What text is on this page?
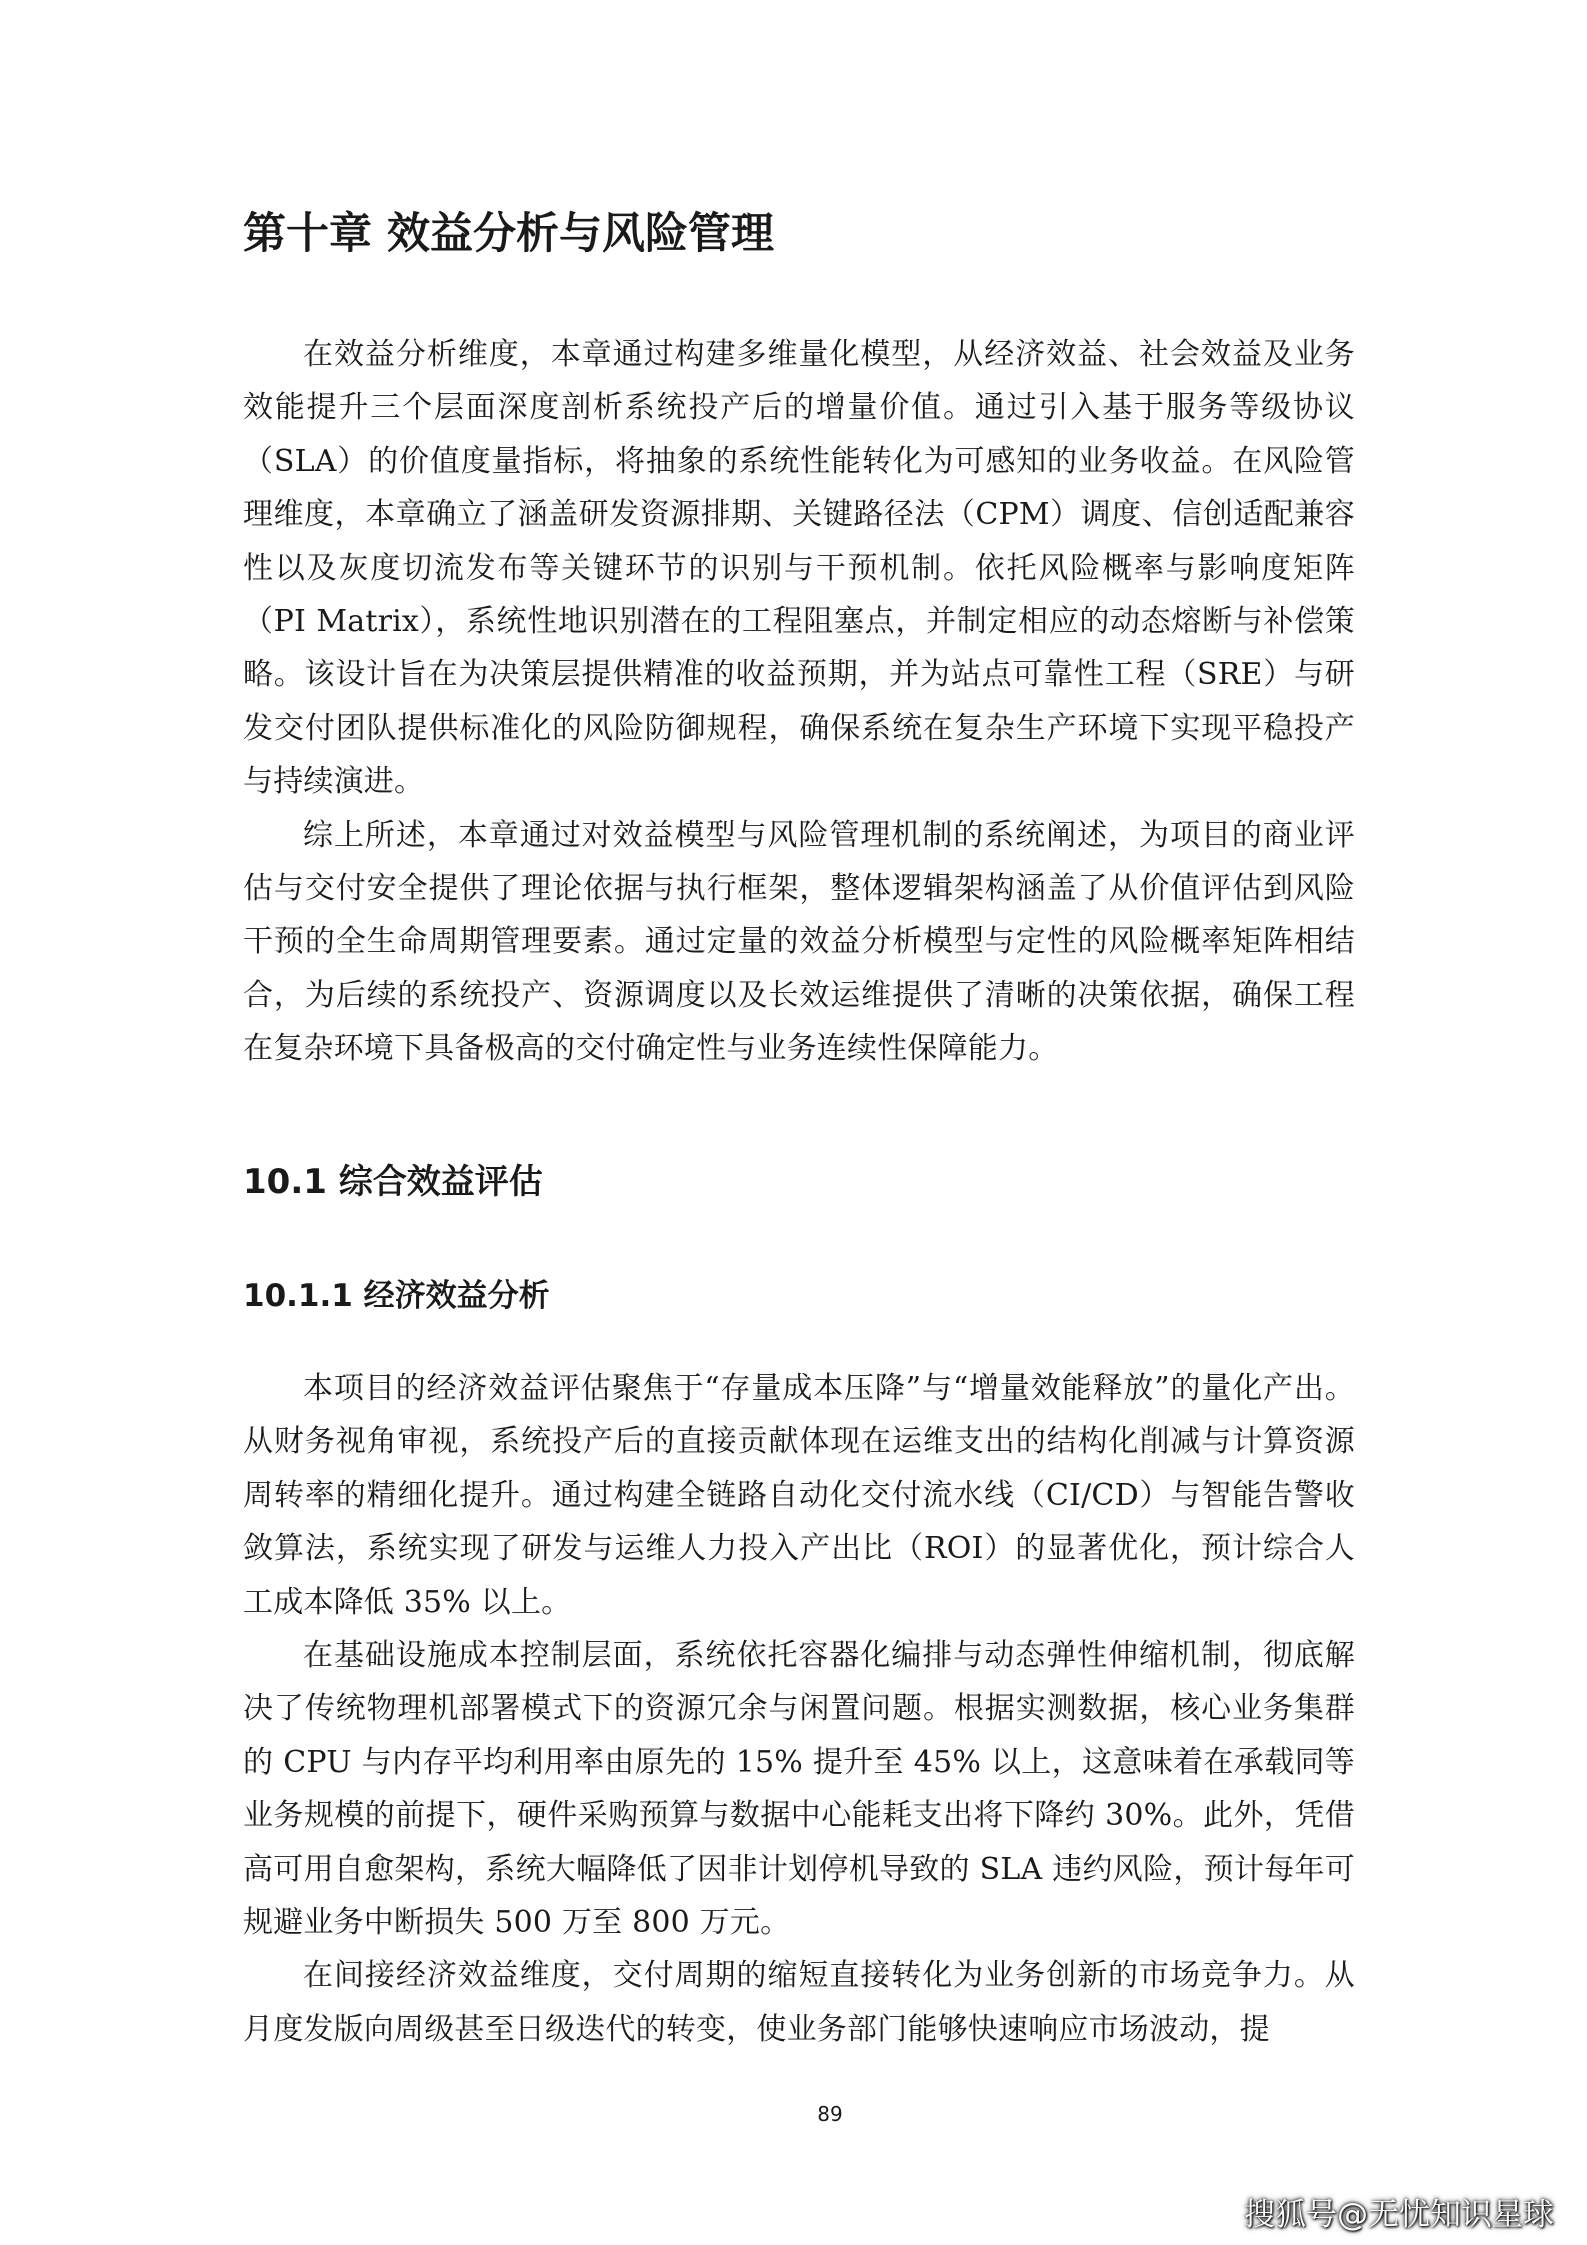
第十章 效益分析与风险管理

在效益分析维度，本章通过构建多维量化模型，从经济效益、社会效益及业务效能提升三个层面深度剖析系统投产后的增量价值。通过引入基于服务等级协议（SLA）的价值度量指标，将抽象的系统性能转化为可感知的业务收益。在风险管理维度，本章确立了涵盖研发资源排期、关键路径法（CPM）调度、信创适配兼容性以及灰度切流发布等关键环节的识别与干预机制。依托风险概率与影响度矩阵（PI Matrix），系统性地识别潜在的工程阻塞点，并制定相应的动态熔断与补偿策略。该设计旨在为决策层提供精准的收益预期，并为站点可靠性工程（SRE）与研发交付团队提供标准化的风险防御规程，确保系统在复杂生产环境下实现平稳投产与持续演进。

综上所述，本章通过对效益模型与风险管理机制的系统阐述，为项目的商业评估与交付安全提供了理论依据与执行框架，整体逻辑架构涵盖了从价值评估到风险干预的全生命周期管理要素。通过定量的效益分析模型与定性的风险概率矩阵相结合，为后续的系统投产、资源调度以及长效运维提供了清晰的决策依据，确保工程在复杂环境下具备极高的交付确定性与业务连续性保障能力。

10.1 综合效益评估
10.1.1 经济效益分析

本项目的经济效益评估聚焦于“存量成本压降”与“增量效能释放”的量化产出。从财务视角审视，系统投产后的直接贡献体现在运维支出的结构化削减与计算资源周转率的精细化提升。通过构建全链路自动化交付流水线（CI/CD）与智能告警收敛算法，系统实现了研发与运维人力投入产出比（ROI）的显著优化，预计综合人工成本降低 35% 以上。

在基础设施成本控制层面，系统依托容器化编排与动态弹性伸缩机制，彻底解决了传统物理机部署模式下的资源冗余与闲置问题。根据实测数据，核心业务集群的 CPU 与内存平均利用率由原先的 15% 提升至 45% 以上，这意味着在承载同等业务规模的前提下，硬件采购预算与数据中心能耗支出将下降约 30%。此外，凭借高可用自愈架构，系统大幅降低了因非计划停机导致的 SLA 违约风险，预计每年可规避业务中断损失 500 万至 800 万元。

在间接经济效益维度，交付周期的缩短直接转化为业务创新的市场竞争力。从月度发版向周级甚至日级迭代的转变，使业务部门能够快速响应市场波动，提

89
搜狐号@无忧知识星球
